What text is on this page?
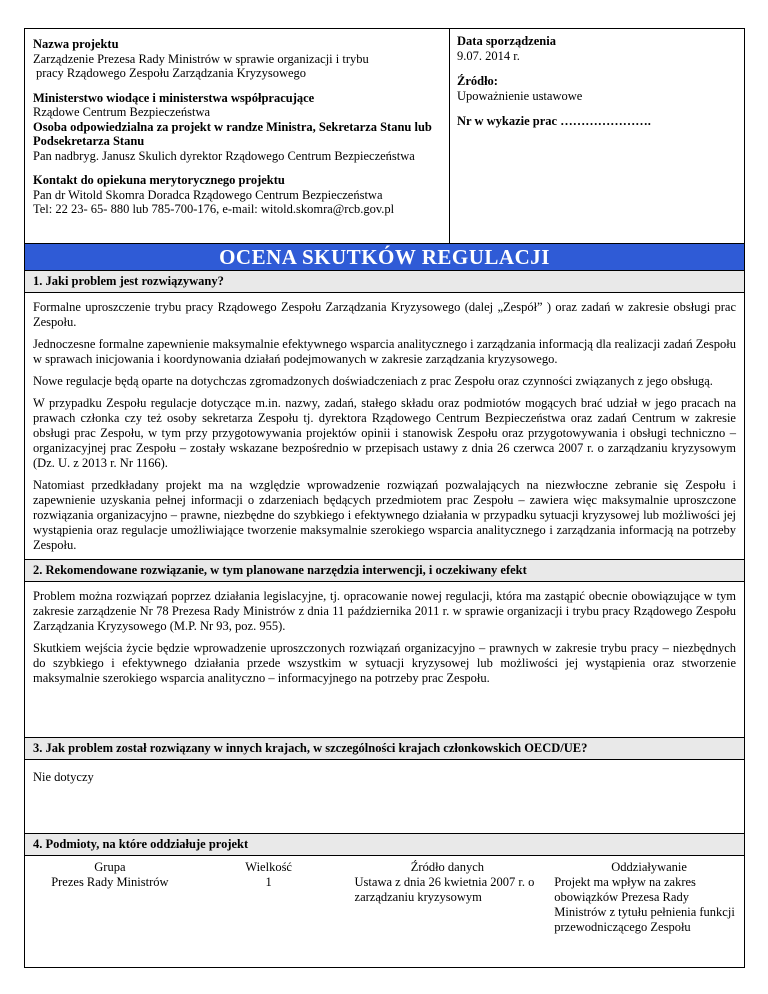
Nazwa projektu
Zarządzenie Prezesa Rady Ministrów w sprawie organizacji i trybu
pracy Rządowego Zespołu Zarządzania Kryzysowego
Ministerstwo wiodące i ministerstwa współpracujące
Rządowe Centrum Bezpieczeństwa
Osoba odpowiedzialna za projekt w randze Ministra, Sekretarza Stanu lub Podsekretarza Stanu
Pan nadbryg. Janusz Skulich dyrektor Rządowego Centrum Bezpieczeństwa
Kontakt do opiekuna merytorycznego projektu
Pan dr Witold Skomra Doradca Rządowego Centrum Bezpieczeństwa
Tel: 22 23- 65- 880 lub 785-700-176, e-mail: witold.skomra@rcb.gov.pl
Data sporządzenia
9.07. 2014 r.
Źródło:
Upoważnienie ustawowe
Nr w wykazie prac ………………….
OCENA SKUTKÓW REGULACJI
1. Jaki problem jest rozwiązywany?

Formalne uproszczenie trybu pracy Rządowego Zespołu Zarządzania Kryzysowego (dalej „Zespół” ) oraz zadań w zakresie obsługi prac Zespołu.

Jednoczesne formalne zapewnienie maksymalnie efektywnego wsparcia analitycznego i zarządzania informacją dla realizacji zadań Zespołu w sprawach inicjowania i koordynowania działań podejmowanych w zakresie zarządzania kryzysowego.

Nowe regulacje będą oparte na dotychczas zgromadzonych doświadczeniach z prac Zespołu oraz czynności związanych z jego obsługą.

W przypadku Zespołu regulacje dotyczące m.in. nazwy, zadań, stałego składu oraz podmiotów mogących brać udział w jego pracach na prawach członka czy też osoby sekretarza Zespołu tj. dyrektora Rządowego Centrum Bezpieczeństwa oraz zadań Centrum w zakresie obsługi prac Zespołu, w tym przy przygotowywania projektów opinii i stanowisk Zespołu oraz przygotowywania i obsługi techniczno – organizacyjnej prac Zespołu – zostały wskazane bezpośrednio w przepisach ustawy z dnia 26 czerwca 2007 r. o zarządzaniu kryzysowym (Dz. U. z 2013 r. Nr 1166).

Natomiast przedkładany projekt ma na względzie wprowadzenie rozwiązań pozwalających na niezwłoczne zebranie się Zespołu i zapewnienie uzyskania pełnej informacji o zdarzeniach będących przedmiotem prac Zespołu – zawiera więc maksymalnie uproszczone rozwiązania organizacyjno – prawne, niezbędne do szybkiego i efektywnego działania w przypadku sytuacji kryzysowej lub możliwości jej wystąpienia oraz regulacje umożliwiające tworzenie maksymalnie szerokiego wsparcia analitycznego i zarządzania informacją na potrzeby Zespołu.

2. Rekomendowane rozwiązanie, w tym planowane narzędzia interwencji, i oczekiwany efekt

Problem można rozwiązań poprzez działania legislacyjne, tj. opracowanie nowej regulacji, która ma zastąpić obecnie obowiązujące w tym zakresie zarządzenie Nr 78 Prezesa Rady Ministrów z dnia 11 października 2011 r. w sprawie organizacji i trybu pracy Rządowego Zespołu Zarządzania Kryzysowego (M.P. Nr 93, poz. 955).

Skutkiem wejścia życie będzie wprowadzenie uproszczonych rozwiązań organizacyjno – prawnych w zakresie trybu pracy – niezbędnych do szybkiego i efektywnego działania przede wszystkim w sytuacji kryzysowej lub możliwości jej wystąpienia oraz stworzenie maksymalnie szerokiego wsparcia analityczno – informacyjnego na potrzeby prac Zespołu.

3. Jak problem został rozwiązany w innych krajach, w szczególności krajach członkowskich OECD/UE?

Nie dotyczy

4. Podmioty, na które oddziałuje projekt
Grupa
Prezes Rady Ministrów
Wielkość
1
Źródło danych
Ustawa z dnia 26 kwietnia 2007 r. o zarządzaniu kryzysowym
Oddziaływanie
Projekt ma wpływ na zakres obowiązków Prezesa Rady Ministrów z tytułu pełnienia funkcji przewodniczącego Zespołu
